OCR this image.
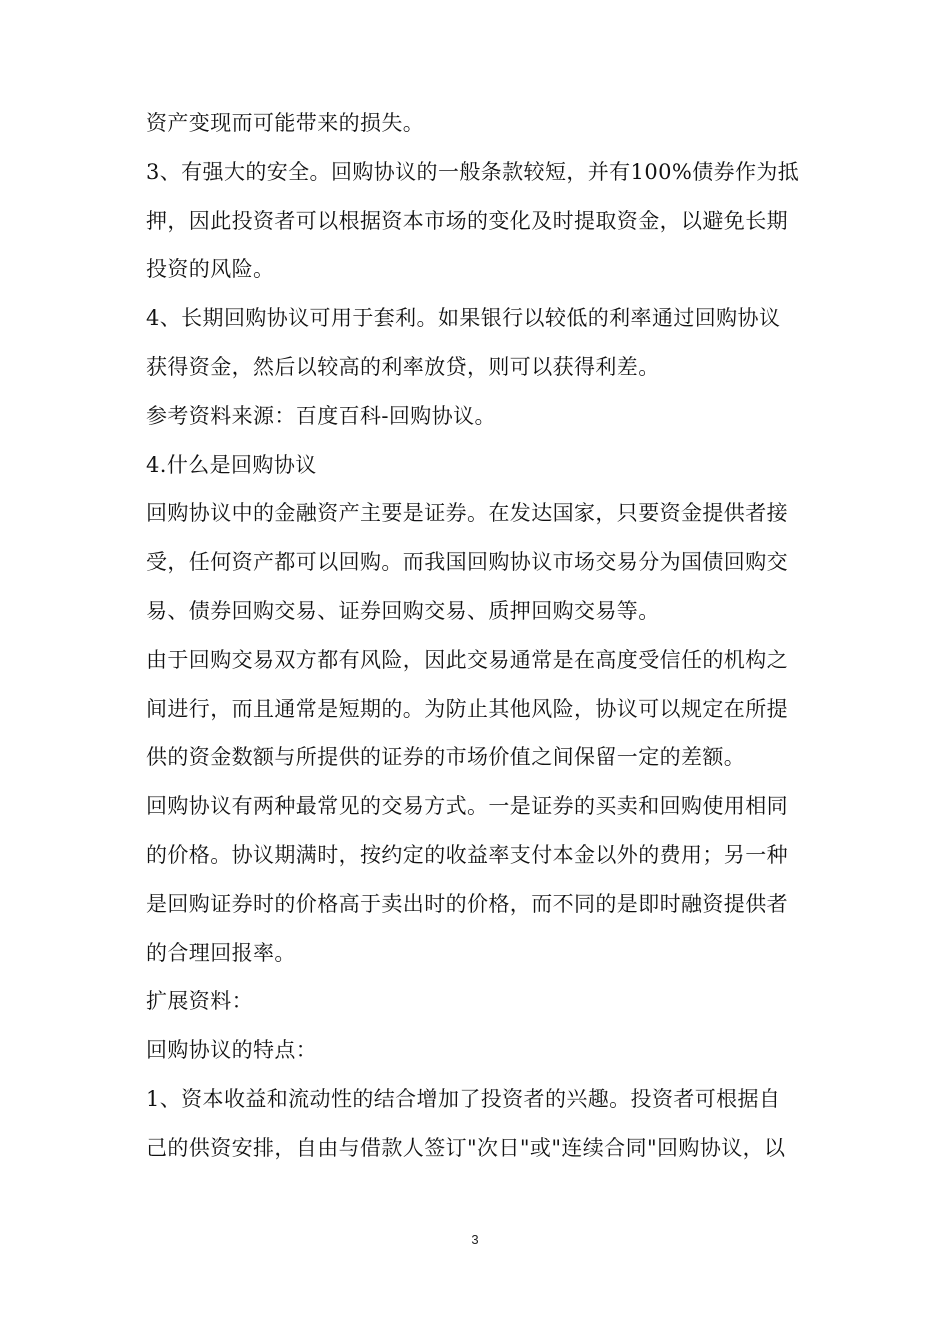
资产变现而可能带来的损失。
3、有强大的安全。回购协议的一般条款较短，并有100%债券作为抵
押，因此投资者可以根据资本市场的变化及时提取资金，以避免长期
投资的风险。
4、长期回购协议可用于套利。如果银行以较低的利率通过回购协议
获得资金，然后以较高的利率放贷，则可以获得利差。
参考资料来源：百度百科-回购协议。
4.什么是回购协议
回购协议中的金融资产主要是证券。在发达国家，只要资金提供者接
受，任何资产都可以回购。而我国回购协议市场交易分为国债回购交
易、债券回购交易、证券回购交易、质押回购交易等。
由于回购交易双方都有风险，因此交易通常是在高度受信任的机构之
间进行，而且通常是短期的。为防止其他风险，协议可以规定在所提
供的资金数额与所提供的证券的市场价值之间保留一定的差额。
回购协议有两种最常见的交易方式。一是证券的买卖和回购使用相同
的价格。协议期满时，按约定的收益率支付本金以外的费用；另一种
是回购证券时的价格高于卖出时的价格，而不同的是即时融资提供者
的合理回报率。
扩展资料：
回购协议的特点：
1、资本收益和流动性的结合增加了投资者的兴趣。投资者可根据自
己的供资安排，自由与借款人签订"次日"或"连续合同"回购协议，以
3
